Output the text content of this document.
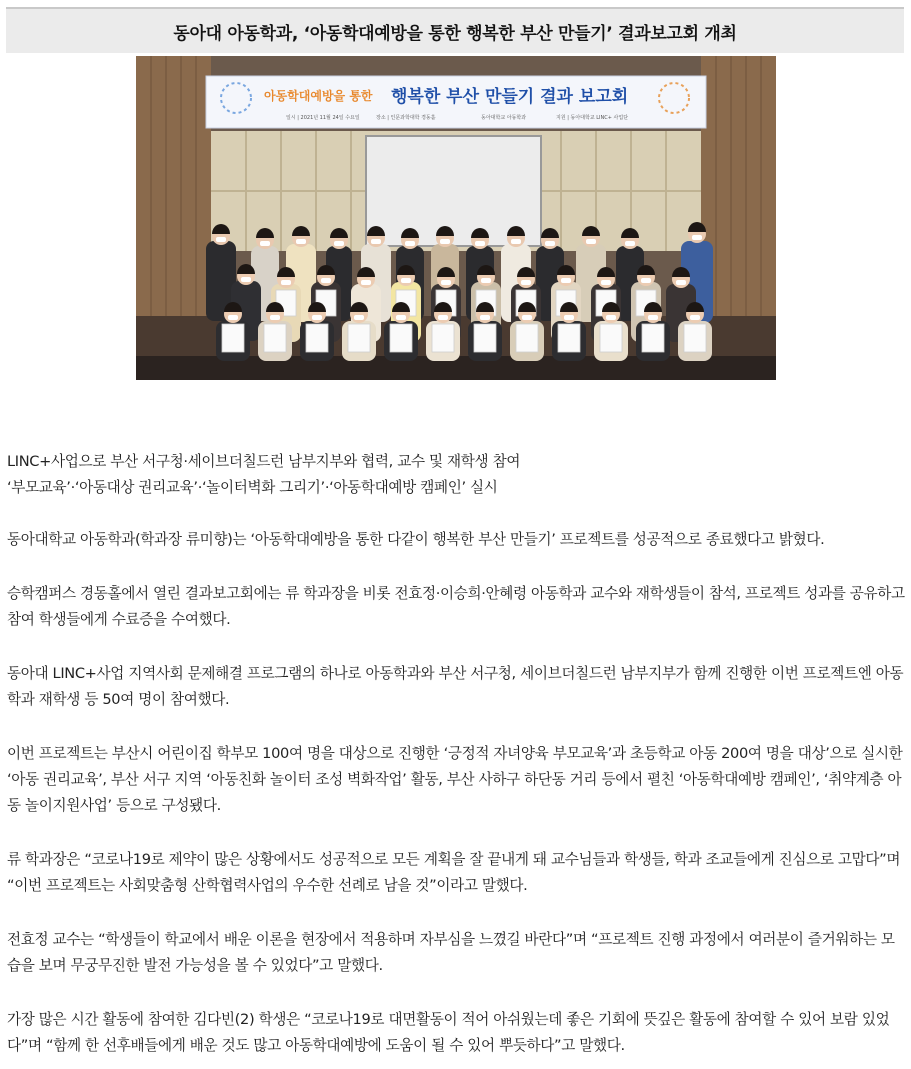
동아대 아동학과, ‘아동학대예방을 통한 행복한 부산 만들기’ 결과보고회 개최
아동학대예방을 통한 행복한 부산 만들기 결과 보고회
일시 | 2021년 11월 24일 수요일	장소 | 인문과학대학 경동홀	동아대학교 아동학과	지원 | 동아대학교 LINC+ 사업단

LINC+사업으로 부산 서구청·세이브더칠드런 남부지부와 협력, 교수 및 재학생 참여
‘부모교육’·‘아동대상 권리교육’·‘놀이터벽화 그리기’·‘아동학대예방 캠페인’ 실시

동아대학교 아동학과(학과장 류미향)는 ‘아동학대예방을 통한 다같이 행복한 부산 만들기’ 프로젝트를 성공적으로 종료했다고 밝혔다.

승학캠퍼스 경동홀에서 열린 결과보고회에는 류 학과장을 비롯 전효정·이승희·안혜령 아동학과 교수와 재학생들이 참석, 프로젝트 성과를 공유하고 참여 학생들에게 수료증을 수여했다.

동아대 LINC+사업 지역사회 문제해결 프로그램의 하나로 아동학과와 부산 서구청, 세이브더칠드런 남부지부가 함께 진행한 이번 프로젝트엔 아동학과 재학생 등 50여 명이 참여했다.

이번 프로젝트는 부산시 어린이집 학부모 100여 명을 대상으로 진행한 ‘긍정적 자녀양육 부모교육’과 초등학교 아동 200여 명을 대상’으로 실시한 ‘아동 권리교육’, 부산 서구 지역 ‘아동친화 놀이터 조성 벽화작업’ 활동, 부산 사하구 하단동 거리 등에서 펼친 ‘아동학대예방 캠페인’, ‘취약계층 아동 놀이지원사업’ 등으로 구성됐다.

류 학과장은 “코로나19로 제약이 많은 상황에서도 성공적으로 모든 계획을 잘 끝내게 돼 교수님들과 학생들, 학과 조교들에게 진심으로 고맙다”며 “이번 프로젝트는 사회맞춤형 산학협력사업의 우수한 선례로 남을 것”이라고 말했다.

전효정 교수는 “학생들이 학교에서 배운 이론을 현장에서 적용하며 자부심을 느꼈길 바란다”며 “프로젝트 진행 과정에서 여러분이 즐거워하는 모습을 보며 무궁무진한 발전 가능성을 볼 수 있었다”고 말했다.

가장 많은 시간 활동에 참여한 김다빈(2) 학생은 “코로나19로 대면활동이 적어 아쉬웠는데 좋은 기회에 뜻깊은 활동에 참여할 수 있어 보람 있었다”며 “함께 한 선후배들에게 배운 것도 많고 아동학대예방에 도움이 될 수 있어 뿌듯하다”고 말했다.
